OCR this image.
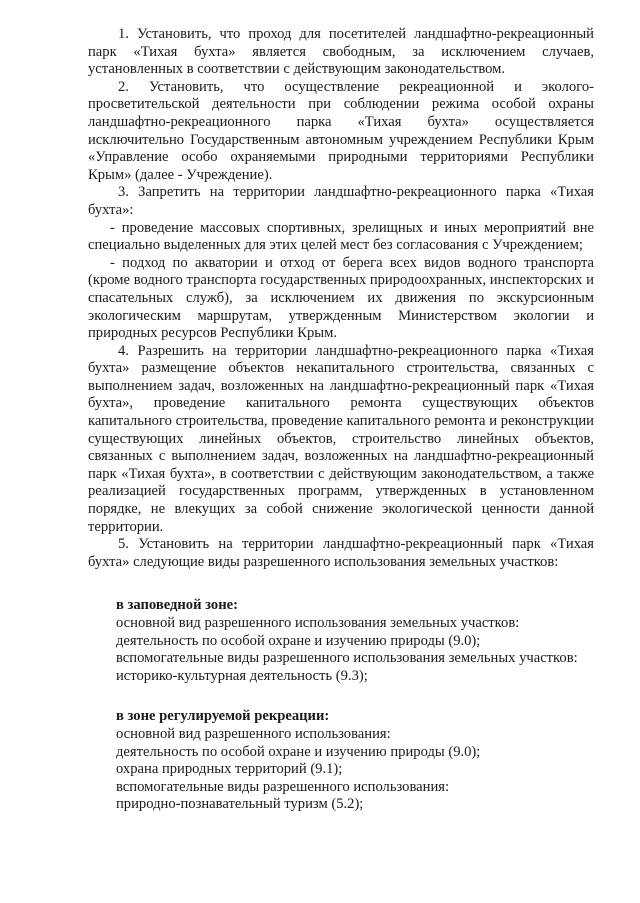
1. Установить, что проход для посетителей ландшафтно-рекреационный парк «Тихая бухта» является свободным, за исключением случаев, установленных в соответствии с действующим законодательством.

2. Установить, что осуществление рекреационной и эколого-просветительской деятельности при соблюдении режима особой охраны ландшафтно-рекреационного парка «Тихая бухта» осуществляется исключительно Государственным автономным учреждением Республики Крым «Управление особо охраняемыми природными территориями Республики Крым» (далее - Учреждение).

3. Запретить на территории ландшафтно-рекреационного парка «Тихая бухта»:

- проведение массовых спортивных, зрелищных и иных мероприятий вне специально выделенных для этих целей мест без согласования с Учреждением;

- подход по акватории и отход от берега всех видов водного транспорта (кроме водного транспорта государственных природоохранных, инспекторских и спасательных служб), за исключением их движения по экскурсионным экологическим маршрутам, утвержденным Министерством экологии и природных ресурсов Республики Крым.

4. Разрешить на территории ландшафтно-рекреационного парка «Тихая бухта» размещение объектов некапитального строительства, связанных с выполнением задач, возложенных на ландшафтно-рекреационный парк «Тихая бухта», проведение капитального ремонта существующих объектов капитального строительства, проведение капитального ремонта и реконструкции существующих линейных объектов, строительство линейных объектов, связанных с выполнением задач, возложенных на ландшафтно-рекреационный парк «Тихая бухта», в соответствии с действующим законодательством, а также реализацией государственных программ, утвержденных в установленном порядке, не влекущих за собой снижение экологической ценности данной территории.

5. Установить на территории ландшафтно-рекреационный парк «Тихая бухта» следующие виды разрешенного использования земельных участков:

в заповедной зоне:

основной вид разрешенного использования земельных участков:

деятельность по особой охране и изучению природы (9.0);

вспомогательные виды разрешенного использования земельных участков:

историко-культурная деятельность (9.3);

в зоне регулируемой рекреации:

основной вид разрешенного использования:

деятельность по особой охране и изучению природы (9.0);

охрана природных территорий (9.1);

вспомогательные виды разрешенного использования:

природно-познавательный туризм (5.2);
